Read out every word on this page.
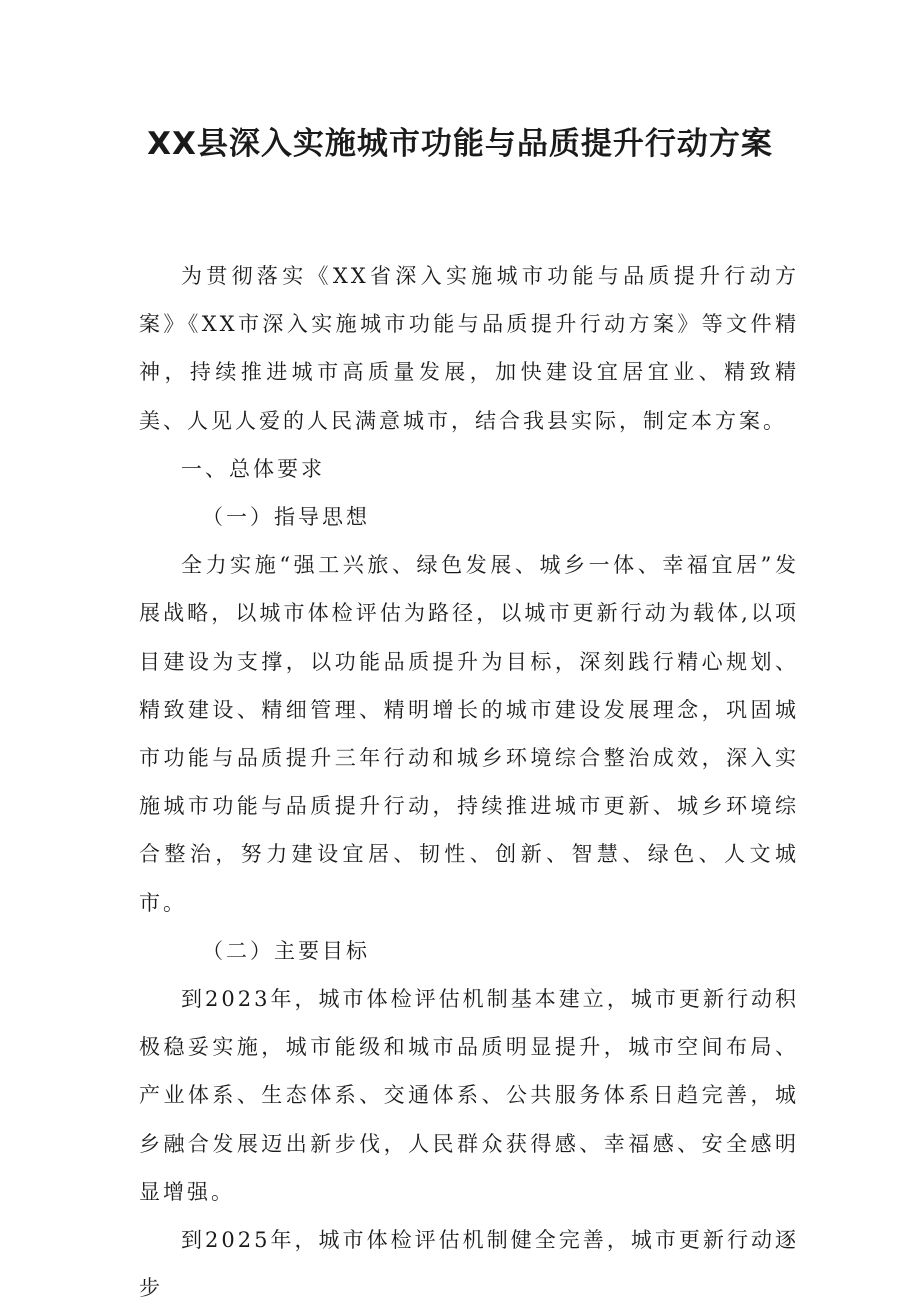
XX县深入实施城市功能与品质提升行动方案

为贯彻落实《XX省深入实施城市功能与品质提升行动方案》《XX市深入实施城市功能与品质提升行动方案》等文件精神，持续推进城市高质量发展，加快建设宜居宜业、精致精美、人见人爱的人民满意城市，结合我县实际，制定本方案。

一、总体要求

（一）指导思想

全力实施“强工兴旅、绿色发展、城乡一体、幸福宜居”发展战略，以城市体检评估为路径，以城市更新行动为载体,以项目建设为支撑，以功能品质提升为目标，深刻践行精心规划、精致建设、精细管理、精明增长的城市建设发展理念，巩固城市功能与品质提升三年行动和城乡环境综合整治成效，深入实施城市功能与品质提升行动，持续推进城市更新、城乡环境综合整治，努力建设宜居、韧性、创新、智慧、绿色、人文城市。

（二）主要目标

到2023年，城市体检评估机制基本建立，城市更新行动积极稳妥实施，城市能级和城市品质明显提升，城市空间布局、产业体系、生态体系、交通体系、公共服务体系日趋完善，城乡融合发展迈出新步伐，人民群众获得感、幸福感、安全感明显增强。

到2025年，城市体检评估机制健全完善，城市更新行动逐步
